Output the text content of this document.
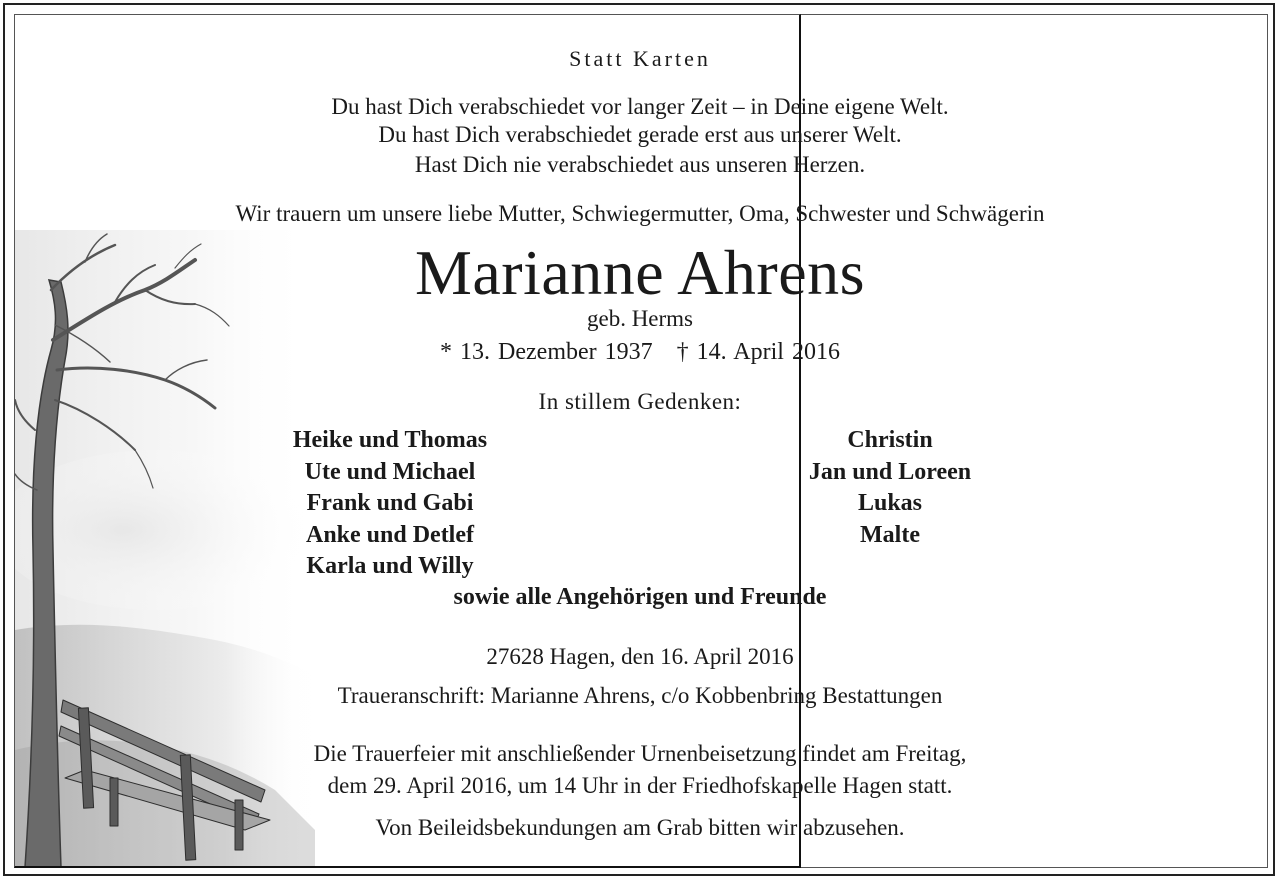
Statt Karten
Du hast Dich verabschiedet vor langer Zeit – in Deine eigene Welt.
Du hast Dich verabschiedet gerade erst aus unserer Welt.
Hast Dich nie verabschiedet aus unseren Herzen.
Wir trauern um unsere liebe Mutter, Schwiegermutter, Oma, Schwester und Schwägerin
Marianne Ahrens
geb. Herms
* 13. Dezember 1937   † 14. April 2016
In stillem Gedenken:
Heike und Thomas
Ute und Michael
Frank und Gabi
Anke und Detlef
Karla und Willy
Christin
Jan und Loreen
Lukas
Malte
sowie alle Angehörigen und Freunde
27628 Hagen, den 16. April 2016
Traueranschrift: Marianne Ahrens, c/o Kobbenbring Bestattungen
Die Trauerfeier mit anschließender Urnenbeisetzung findet am Freitag,
dem 29. April 2016, um 14 Uhr in der Friedhofskapelle Hagen statt.
Von Beileidsbekundungen am Grab bitten wir abzusehen.
